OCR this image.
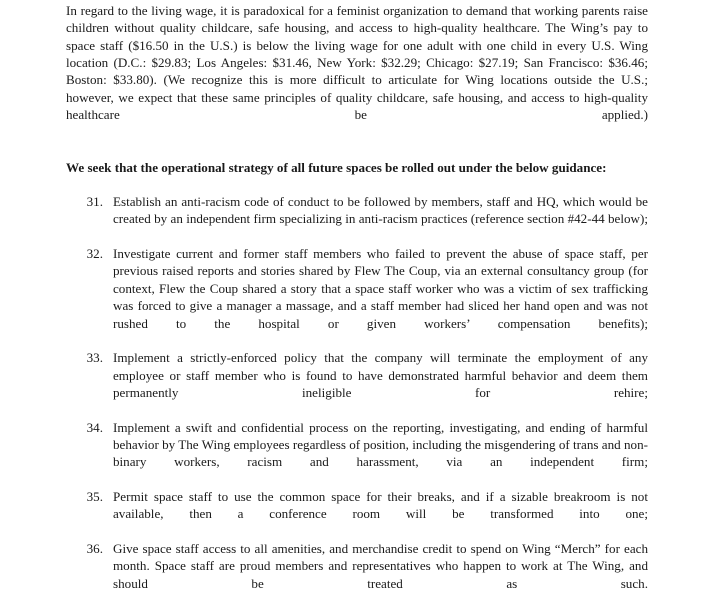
In regard to the living wage, it is paradoxical for a feminist organization to demand that working parents raise children without quality childcare, safe housing, and access to high-quality healthcare. The Wing’s pay to space staff ($16.50 in the U.S.) is below the living wage for one adult with one child in every U.S. Wing location (D.C.: $29.83; Los Angeles: $31.46, New York: $32.29; Chicago: $27.19; San Francisco: $36.46; Boston: $33.80). (We recognize this is more difficult to articulate for Wing locations outside the U.S.; however, we expect that these same principles of quality childcare, safe housing, and access to high-quality healthcare be applied.)

We seek that the operational strategy of all future spaces be rolled out under the below guidance:

31. Establish an anti-racism code of conduct to be followed by members, staff and HQ, which would be created by an independent firm specializing in anti-racism practices (reference section #42-44 below);
32. Investigate current and former staff members who failed to prevent the abuse of space staff, per previous raised reports and stories shared by Flew The Coup, via an external consultancy group (for context, Flew the Coup shared a story that a space staff worker who was a victim of sex trafficking was forced to give a manager a massage, and a staff member had sliced her hand open and was not rushed to the hospital or given workers’ compensation benefits);
33. Implement a strictly-enforced policy that the company will terminate the employment of any employee or staff member who is found to have demonstrated harmful behavior and deem them permanently ineligible for rehire;
34. Implement a swift and confidential process on the reporting, investigating, and ending of harmful behavior by The Wing employees regardless of position, including the misgendering of trans and non-binary workers, racism and harassment, via an independent firm;
35. Permit space staff to use the common space for their breaks, and if a sizable breakroom is not available, then a conference room will be transformed into one;
36. Give space staff access to all amenities, and merchandise credit to spend on Wing “Merch” for each month. Space staff are proud members and representatives who happen to work at The Wing, and should be treated as such.
